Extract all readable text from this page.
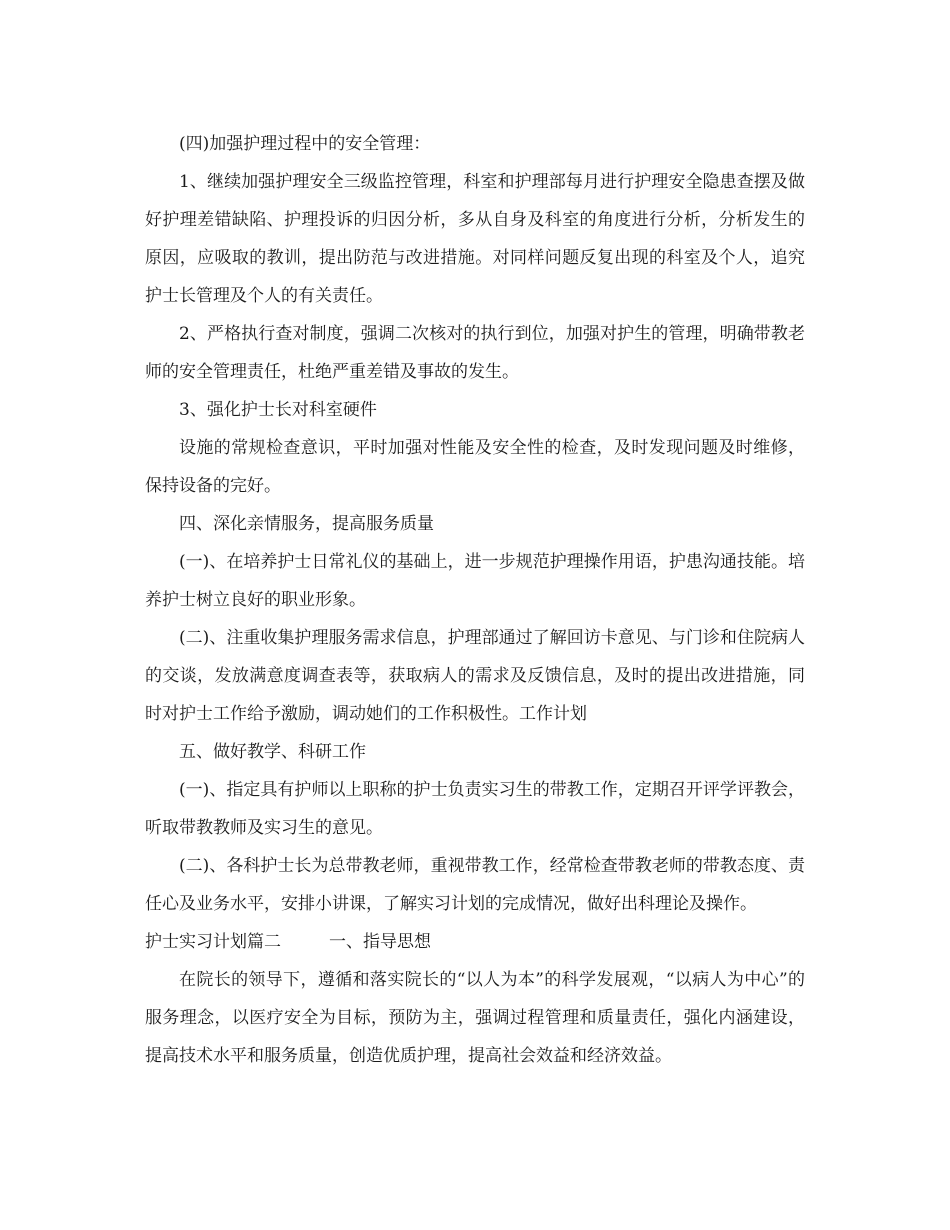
(四)加强护理过程中的安全管理：

1、继续加强护理安全三级监控管理，科室和护理部每月进行护理安全隐患查摆及做好护理差错缺陷、护理投诉的归因分析，多从自身及科室的角度进行分析，分析发生的原因，应吸取的教训，提出防范与改进措施。对同样问题反复出现的科室及个人，追究护士长管理及个人的有关责任。

2、严格执行查对制度，强调二次核对的执行到位，加强对护生的管理，明确带教老师的安全管理责任，杜绝严重差错及事故的发生。

3、强化护士长对科室硬件

设施的常规检查意识，平时加强对性能及安全性的检查，及时发现问题及时维修，保持设备的完好。

四、深化亲情服务，提高服务质量

(一)、在培养护士日常礼仪的基础上，进一步规范护理操作用语，护患沟通技能。培养护士树立良好的职业形象。

(二)、注重收集护理服务需求信息，护理部通过了解回访卡意见、与门诊和住院病人的交谈，发放满意度调查表等，获取病人的需求及反馈信息，及时的提出改进措施，同时对护士工作给予激励，调动她们的工作积极性。工作计划

五、做好教学、科研工作

(一)、指定具有护师以上职称的护士负责实习生的带教工作，定期召开评学评教会，听取带教教师及实习生的意见。

(二)、各科护士长为总带教老师，重视带教工作，经常检查带教老师的带教态度、责任心及业务水平，安排小讲课，了解实习计划的完成情况，做好出科理论及操作。

护士实习计划篇二	一、指导思想

在院长的领导下，遵循和落实院长的“以人为本”的科学发展观，“以病人为中心”的服务理念，以医疗安全为目标，预防为主，强调过程管理和质量责任，强化内涵建设，提高技术水平和服务质量，创造优质护理，提高社会效益和经济效益。
